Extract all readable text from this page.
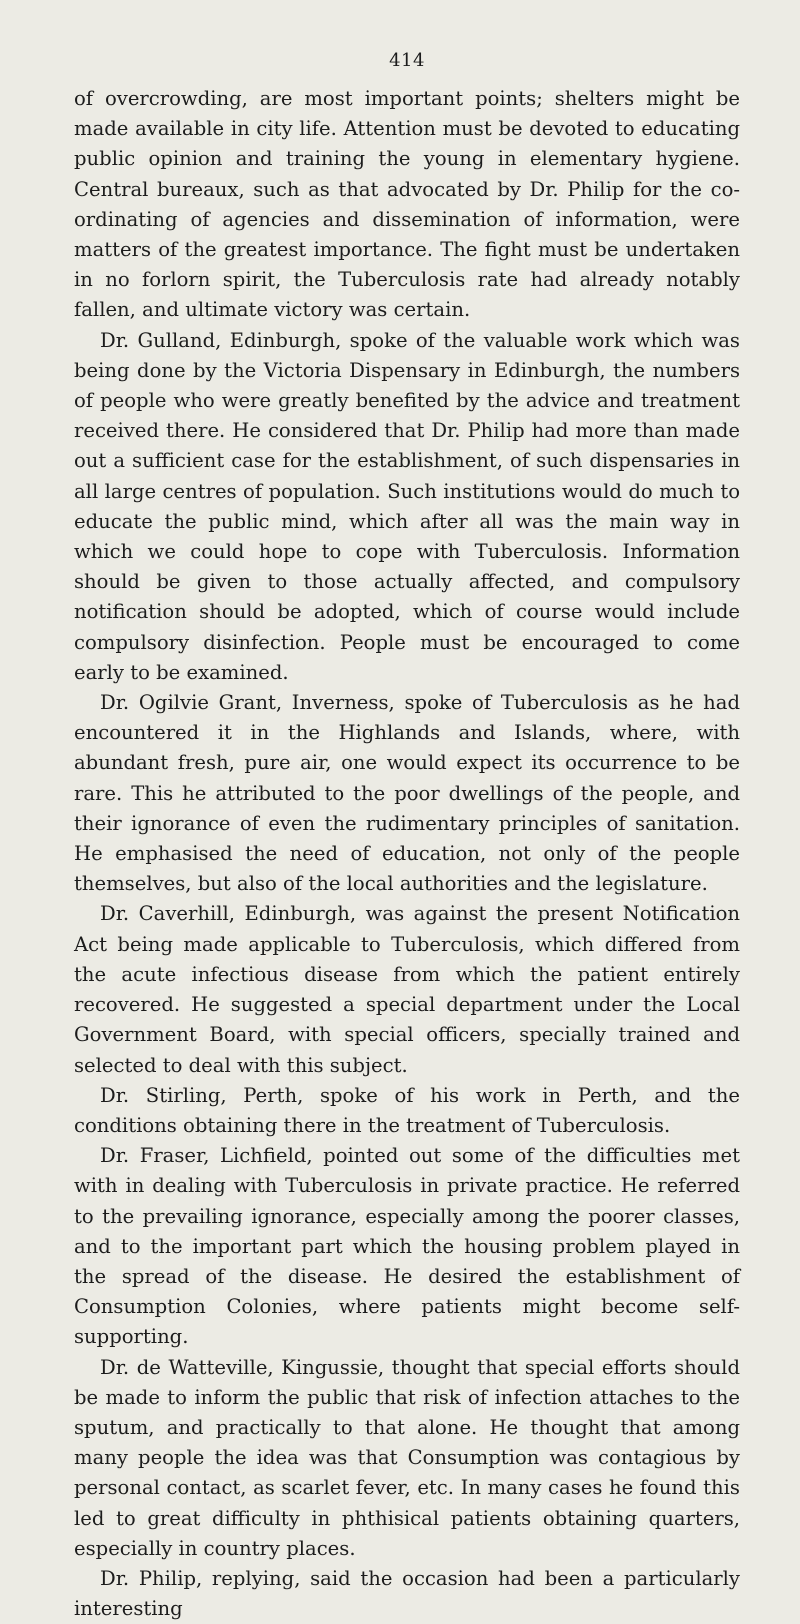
414

of overcrowding, are most important points; shelters might be made available in city life. Attention must be devoted to educating public opinion and training the young in elementary hygiene. Central bureaux, such as that advocated by Dr. Philip for the co-ordinating of agencies and dissemination of information, were matters of the greatest importance. The fight must be undertaken in no forlorn spirit, the Tuberculosis rate had already notably fallen, and ultimate victory was certain.

Dr. Gulland, Edinburgh, spoke of the valuable work which was being done by the Victoria Dispensary in Edinburgh, the numbers of people who were greatly benefited by the advice and treatment received there. He considered that Dr. Philip had more than made out a sufficient case for the establishment, of such dispensaries in all large centres of population. Such institutions would do much to educate the public mind, which after all was the main way in which we could hope to cope with Tuberculosis. Information should be given to those actually affected, and compulsory notification should be adopted, which of course would include compulsory disinfection. People must be encouraged to come early to be examined.

Dr. Ogilvie Grant, Inverness, spoke of Tuberculosis as he had encountered it in the Highlands and Islands, where, with abundant fresh, pure air, one would expect its occurrence to be rare. This he attributed to the poor dwellings of the people, and their ignorance of even the rudimentary principles of sanitation. He emphasised the need of education, not only of the people themselves, but also of the local authorities and the legislature.

Dr. Caverhill, Edinburgh, was against the present Notification Act being made applicable to Tuberculosis, which differed from the acute infectious disease from which the patient entirely recovered. He suggested a special department under the Local Government Board, with special officers, specially trained and selected to deal with this subject.

Dr. Stirling, Perth, spoke of his work in Perth, and the conditions obtaining there in the treatment of Tuberculosis.

Dr. Fraser, Lichfield, pointed out some of the difficulties met with in dealing with Tuberculosis in private practice. He referred to the prevailing ignorance, especially among the poorer classes, and to the important part which the housing problem played in the spread of the disease. He desired the establishment of Consumption Colonies, where patients might become self-supporting.

Dr. de Watteville, Kingussie, thought that special efforts should be made to inform the public that risk of infection attaches to the sputum, and practically to that alone. He thought that among many people the idea was that Consumption was contagious by personal contact, as scarlet fever, etc. In many cases he found this led to great difficulty in phthisical patients obtaining quarters, especially in country places.

Dr. Philip, replying, said the occasion had been a particularly interesting
